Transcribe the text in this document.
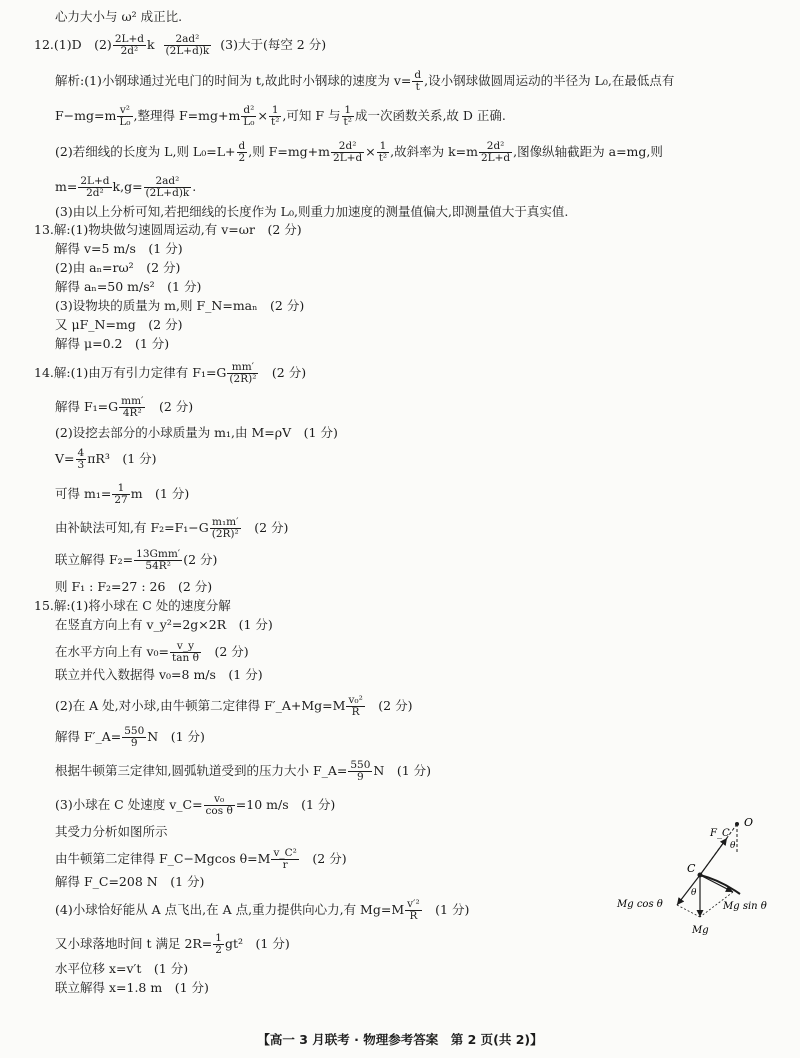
心力大小与 ω² 成正比.
12.(1)D　$(2) \frac{2L+d}{\text{2d²}}$ k $\frac{\text{2ad²}}{(2L+d)k} (3)$大于(每空 2 分)
解析:(1)小钢球通过光电门的时间为 t,故此时小钢球的速度为 $v= \frac{d}{t}$ ,设小钢球做圆周运动的半径为 L₀,在最低点有
$F-mg=m \frac{\text{v²}}{\text{L₀}}$ ,整理得 $F=mg+m \frac{\text{d²}}{\text{L₀}} \times \frac{1}{\text{t²}}$ ,可知 F 与 $\frac{1}{\text{t²}}$ 成一次函数关系,故 D 正确.
(2)若细线的长度为 L,则 $L_0=L+ \frac{d}{2}$ ,则 $F=mg+m \frac{\text{2d²}}{2L+d} \times \frac{1}{\text{t²}}$ ,故斜率为 $k=m \frac{\text{2d²}}{2L+d}$ ,图像纵轴截距为 a=mg,则
$m= \frac{2L+d}{\text{2d²}} k,g= \frac{\text{2ad²}}{(2L+d)k}$ .
(3)由以上分析可知,若把细线的长度作为 L₀,则重力加速度的测量值偏大,即测量值大于真实值.
13.解:(1)物块做匀速圆周运动,有 v=ωr　(2 分)
解得 v=5 m/s　(1 分)
(2)由 aₙ=rω²　(2 分)
解得 aₙ=50 m/s²　(1 分)
(3)设物块的质量为 m,则 F_N=maₙ　(2 分)
又 μF_N=mg　(2 分)
解得 μ=0.2　(1 分)
14.解:(1)由万有引力定律有 $F_1=G \frac{mm'}{\text{(2R)²}}$ 　(2 分)
解得 $F_1=G \frac{mm'}{\text{4R²}}$ 　(2 分)
(2)设挖去部分的小球质量为 m₁,由 M=ρV　(1 分)
$V= \frac{4}{3} \pi R^3$　(1 分)
可得 $m_1= \frac{1}{27}$ m　(1 分)
由补缺法可知,有 $F_2=F_1-G \frac{\text{m₁m′}}{\text{(2R)²}}$ 　(2 分)
联立解得 $F_2= \frac{\text{13Gmm′}}{\text{54R²}} (2$ 分)
则 F₁ : F₂=27 : 26　(2 分)
15.解:(1)将小球在 C 处的速度分解
在竖直方向上有 v_y²=2g×2R　(1 分)
在水平方向上有 $v_0= \frac{v\_y}{\text{tan θ}}$ 　(2 分)
联立并代入数据得 v₀=8 m/s　(1 分)
(2)在 A 处,对小球,由牛顿第二定律得 F′_A+Mg=M $\frac{\text{v₀²}}{R}$ 　(2 分)
解得 F′_A= $\frac{550}{9}$ N　(1 分)
根据牛顿第三定律知,圆弧轨道受到的压力大小 F_A= $\frac{550}{9}$ N　(1 分)
(3)小球在 C 处速度 v_C= $\frac{\text{v₀}}{\text{cos θ}} =10$ m/s　(1 分)
其受力分析如图所示
由牛顿第二定律得 F_C−Mgcos $\theta=M \frac{\text{v\_C²}}{r}$ 　(2 分)
解得 F_C=208 N　(1 分)
(4)小球恰好能从 A 点飞出,在 A 点,重力提供向心力,有 $Mg=M \frac{\text{v′²}}{R}$ 　(1 分)
又小球落地时间 t 满足 $2R= \frac{1}{2} gt^2$　(1 分)
水平位移 x=v′t　(1 分)
联立解得 x=1.8 m　(1 分)
O
F_C
C
θ
θ
Mg cos θ	Mg sin θ
Mg
【高一 3 月联考 · 物理参考答案　第 2 页(共 2)】
